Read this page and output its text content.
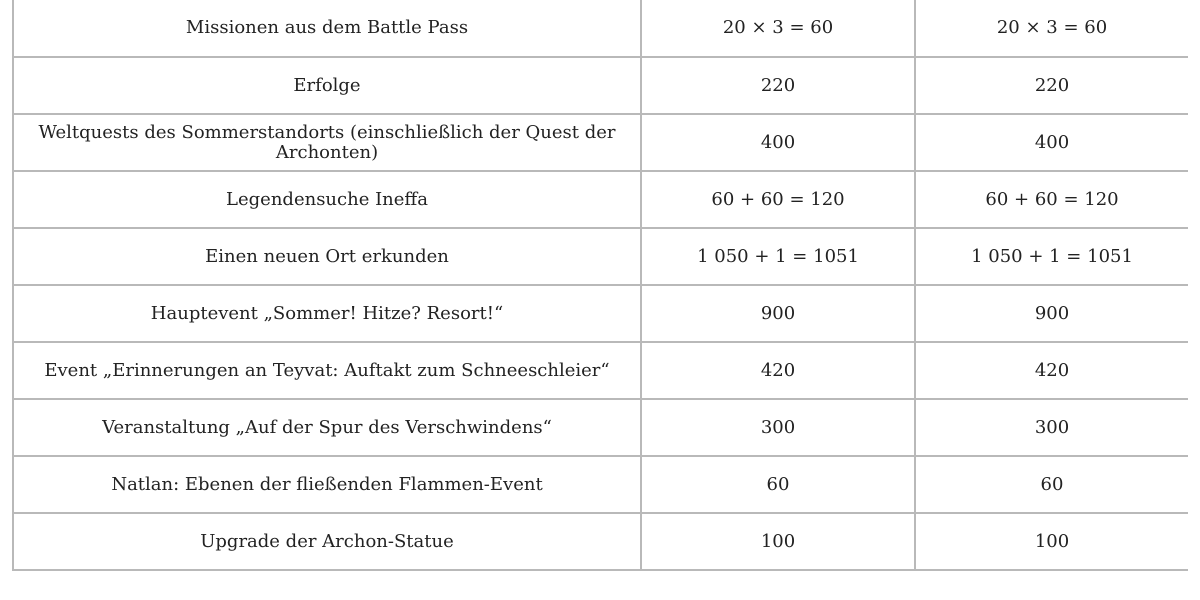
Missionen aus dem Battle Pass	20 × 3 = 60	20 × 3 = 60
Erfolge	220	220
Weltquests des Sommerstandorts (einschließlich der Quest der Archonten)	400	400
Legendensuche Ineffa	60 + 60 = 120	60 + 60 = 120
Einen neuen Ort erkunden	1 050 + 1 = 1051	1 050 + 1 = 1051
Hauptevent „Sommer! Hitze? Resort!“	900	900
Event „Erinnerungen an Teyvat: Auftakt zum Schneeschleier“	420	420
Veranstaltung „Auf der Spur des Verschwindens“	300	300
Natlan: Ebenen der fließenden Flammen-Event	60	60
Upgrade der Archon-Statue	100	100
